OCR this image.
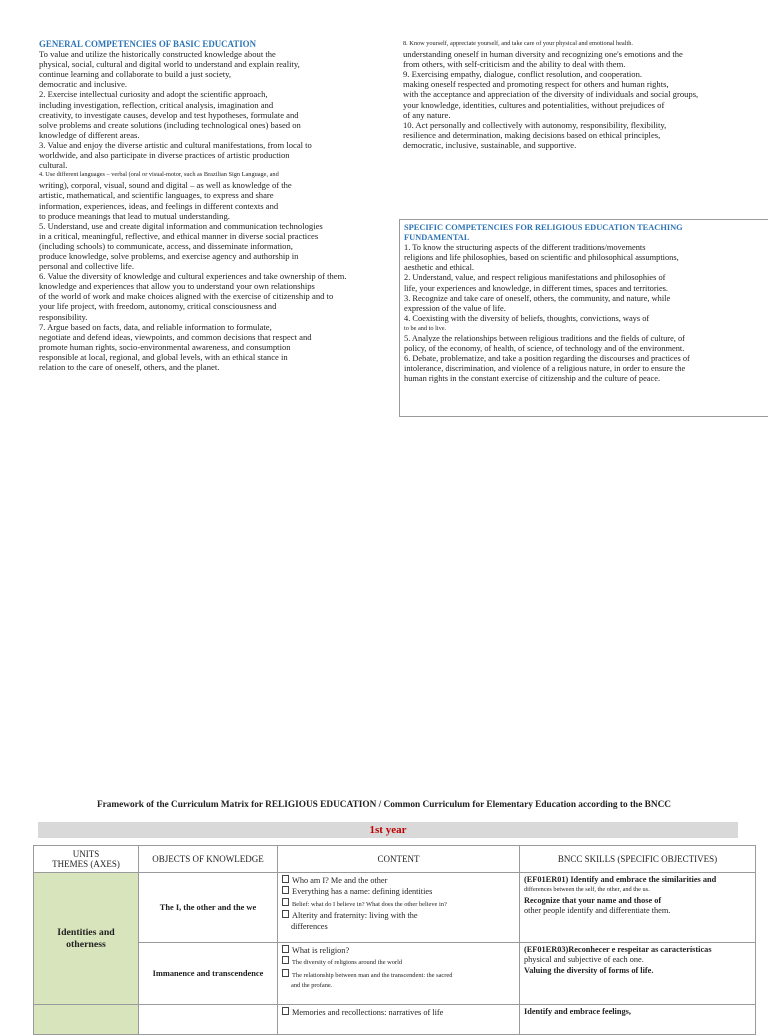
GENERAL COMPETENCIES OF BASIC EDUCATION
To value and utilize the historically constructed knowledge about the
physical, social, cultural and digital world to understand and explain reality,
continue learning and collaborate to build a just society,
democratic and inclusive.
2. Exercise intellectual curiosity and adopt the scientific approach,
including investigation, reflection, critical analysis, imagination and
creativity, to investigate causes, develop and test hypotheses, formulate and
solve problems and create solutions (including technological ones) based on
knowledge of different areas.
3. Value and enjoy the diverse artistic and cultural manifestations, from local to
worldwide, and also participate in diverse practices of artistic production
cultural.
4. Use different languages – verbal (oral or visual-motor, such as Brazilian Sign Language, and
writing), corporal, visual, sound and digital – as well as knowledge of the
artistic, mathematical, and scientific languages, to express and share
information, experiences, ideas, and feelings in different contexts and
to produce meanings that lead to mutual understanding.
5. Understand, use and create digital information and communication technologies
in a critical, meaningful, reflective, and ethical manner in diverse social practices
(including schools) to communicate, access, and disseminate information,
produce knowledge, solve problems, and exercise agency and authorship in
personal and collective life.
6. Value the diversity of knowledge and cultural experiences and take ownership of them.
knowledge and experiences that allow you to understand your own relationships
of the world of work and make choices aligned with the exercise of citizenship and to
your life project, with freedom, autonomy, critical consciousness and
responsibility.
7. Argue based on facts, data, and reliable information to formulate,
negotiate and defend ideas, viewpoints, and common decisions that respect and
promote human rights, socio-environmental awareness, and consumption
responsible at local, regional, and global levels, with an ethical stance in
relation to the care of oneself, others, and the planet.
8. Know yourself, appreciate yourself, and take care of your physical and emotional health.
understanding oneself in human diversity and recognizing one's emotions and the
from others, with self-criticism and the ability to deal with them.
9. Exercising empathy, dialogue, conflict resolution, and cooperation.
making oneself respected and promoting respect for others and human rights,
with the acceptance and appreciation of the diversity of individuals and social groups,
your knowledge, identities, cultures and potentialities, without prejudices of
of any nature.
10. Act personally and collectively with autonomy, responsibility, flexibility,
resilience and determination, making decisions based on ethical principles,
democratic, inclusive, sustainable, and supportive.
SPECIFIC COMPETENCIES FOR RELIGIOUS EDUCATION TEACHING
FUNDAMENTAL
1. To know the structuring aspects of the different traditions/movements
religions and life philosophies, based on scientific and philosophical assumptions,
aesthetic and ethical.
2. Understand, value, and respect religious manifestations and philosophies of
life, your experiences and knowledge, in different times, spaces and territories.
3. Recognize and take care of oneself, others, the community, and nature, while
expression of the value of life.
4. Coexisting with the diversity of beliefs, thoughts, convictions, ways of
to be and to live.
5. Analyze the relationships between religious traditions and the fields of culture, of
policy, of the economy, of health, of science, of technology and of the environment.
6. Debate, problematize, and take a position regarding the discourses and practices of
intolerance, discrimination, and violence of a religious nature, in order to ensure the
human rights in the constant exercise of citizenship and the culture of peace.
Framework of the Curriculum Matrix for RELIGIOUS EDUCATION / Common Curriculum for Elementary Education according to the BNCC
1st year
UNITS
THEMES (AXES)	OBJECTS OF KNOWLEDGE	CONTENT	BNCC SKILLS (SPECIFIC OBJECTIVES)
Identities and otherness	The I, the other and the we	Who am I? Me and the other
Everything has a name: defining identities
Belief: what do I believe in? What does the other believe in?
Alterity and fraternity: living with the
differences	(EF01ER01) Identify and embrace the similarities and
differences between the self, the other, and the us.
Recognize that your name and those of
other people identify and differentiate them.

	Immanence and transcendence	What is religion?
The diversity of religions around the world
The relationship between man and the transcendent: the sacred
and the profane.	(EF01ER03)Reconhecer e respeitar as características
physical and subjective of each one.
Valuing the diversity of forms of life.

		Memories and recollections: narratives of life	Identify and embrace feelings,
